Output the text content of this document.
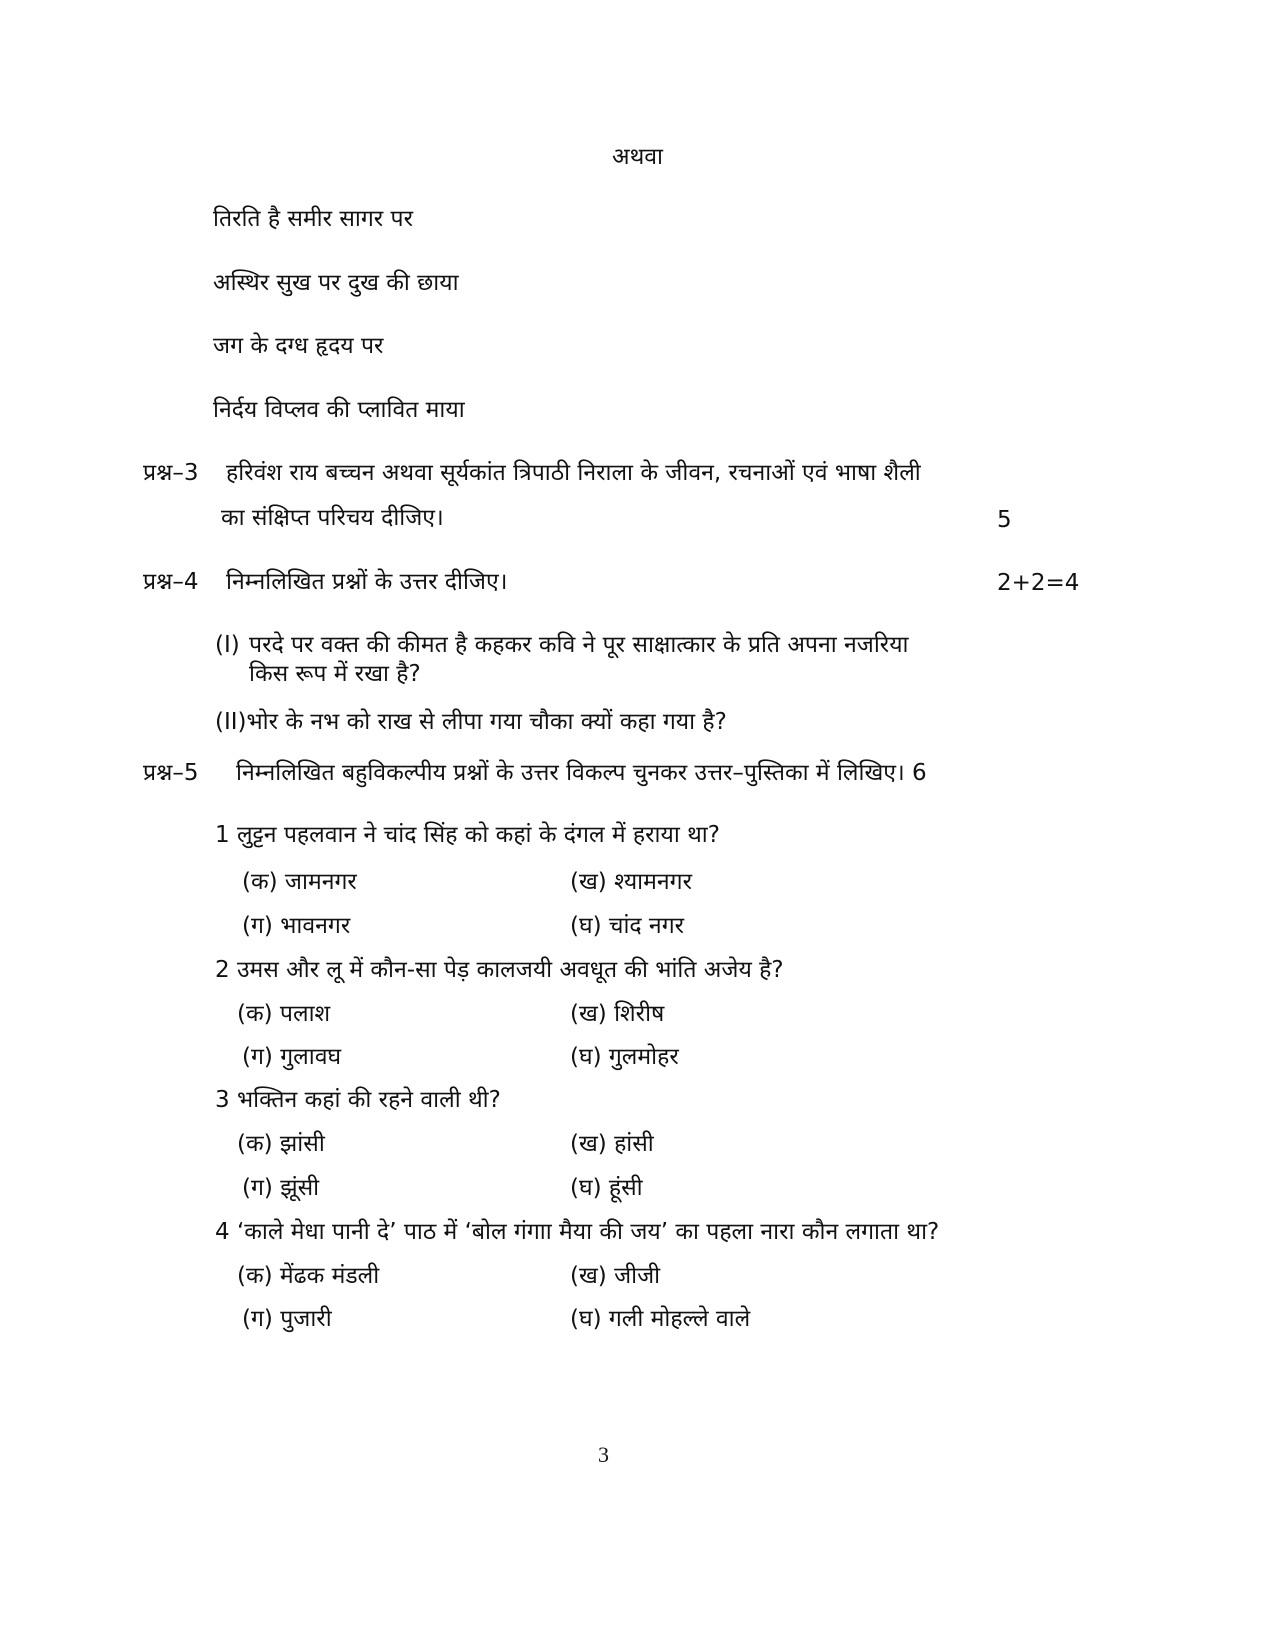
अथवा
तिरति है समीर सागर पर
अस्थिर सुख पर दुख की छाया
जग के दग्ध हृदय पर
निर्दय विप्लव की प्लावित माया
प्रश्न–3 हरिवंश राय बच्चन अथवा सूर्यकांत त्रिपाठी निराला के जीवन, रचनाओं एवं भाषा शैली
का संक्षिप्त परिचय दीजिए।	5
प्रश्न–4 निम्नलिखित प्रश्नों के उत्तर दीजिए।	2+2=4
(I) परदे पर वक्त की कीमत है कहकर कवि ने पूर साक्षात्कार के प्रति अपना नजरिया
किस रूप में रखा है?
(II)भोर के नभ को राख से लीपा गया चौका क्यों कहा गया है?
प्रश्न–5 निम्नलिखित बहुविकल्पीय प्रश्नों के उत्तर विकल्प चुनकर उत्तर–पुस्तिका में लिखिए। 6
1 लुट्टन पहलवान ने चांद सिंह को कहां के दंगल में हराया था?
(क) जामनगर	(ख) श्यामनगर
(ग) भावनगर	(घ) चांद नगर
2 उमस और लू में कौन-सा पेड़ कालजयी अवधूत की भांति अजेय है?
(क) पलाश	(ख) शिरीष
(ग) गुलावघ	(घ) गुलमोहर
3 भक्तिन कहां की रहने वाली थी?
(क) झांसी	(ख) हांसी
(ग) झूंसी	(घ) हूंसी
4 ‘काले मेधा पानी दे’ पाठ में ‘बोल गंगाा मैया की जय’ का पहला नारा कौन लगाता था?
(क) मेंढक मंडली	(ख) जीजी
(ग) पुजारी	(घ) गली मोहल्ले वाले
3
